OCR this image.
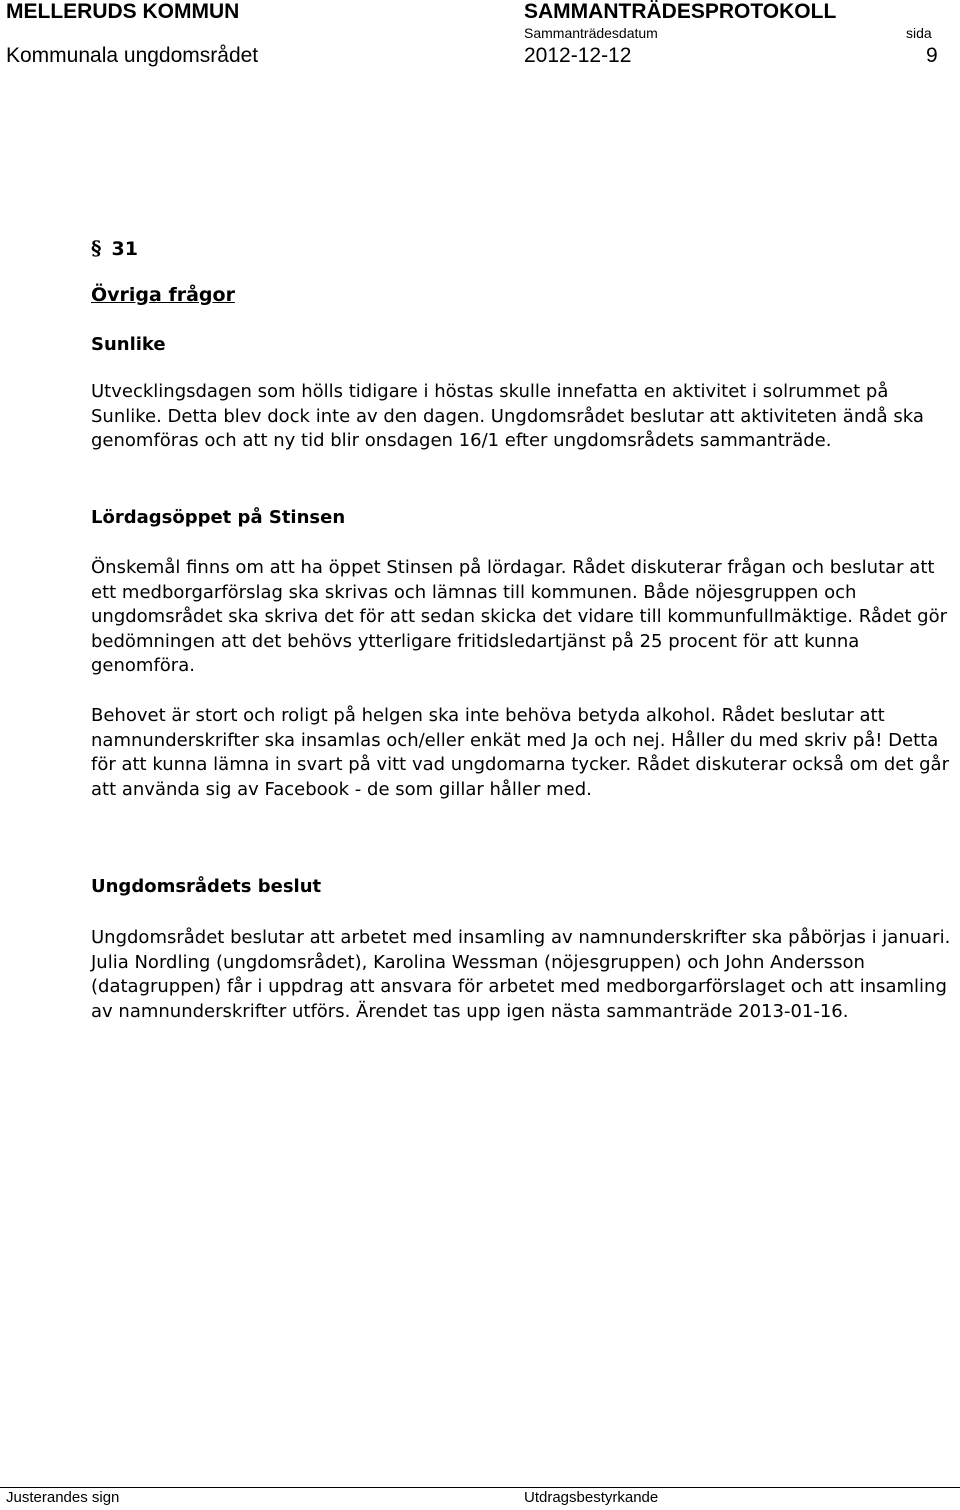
MELLERUDS KOMMUN	SAMMANTRÄDESPROTOKOLL
Sammanträdesdatum	sida
Kommunala ungdomsrådet	2012-12-12	9
§ 31
Övriga frågor
Sunlike

Utvecklingsdagen som hölls tidigare i höstas skulle innefatta en aktivitet i solrummet på Sunlike. Detta blev dock inte av den dagen. Ungdomsrådet beslutar att aktiviteten ändå ska genomföras och att ny tid blir onsdagen 16/1 efter ungdomsrådets sammanträde.

Lördagsöppet på Stinsen

Önskemål finns om att ha öppet Stinsen på lördagar. Rådet diskuterar frågan och beslutar att ett medborgarförslag ska skrivas och lämnas till kommunen. Både nöjesgruppen och ungdomsrådet ska skriva det för att sedan skicka det vidare till kommunfullmäktige. Rådet gör bedömningen att det behövs ytterligare fritidsledartjänst på 25 procent för att kunna genomföra.

Behovet är stort och roligt på helgen ska inte behöva betyda alkohol. Rådet beslutar att namnunderskrifter ska insamlas och/eller enkät med Ja och nej. Håller du med skriv på! Detta för att kunna lämna in svart på vitt vad ungdomarna tycker. Rådet diskuterar också om det går att använda sig av Facebook - de som gillar håller med.

Ungdomsrådets beslut

Ungdomsrådet beslutar att arbetet med insamling av namnunderskrifter ska påbörjas i januari. Julia Nordling (ungdomsrådet), Karolina Wessman (nöjesgruppen) och John Andersson (datagruppen) får i uppdrag att ansvara för arbetet med medborgarförslaget och att insamling av namnunderskrifter utförs. Ärendet tas upp igen nästa sammanträde 2013-01-16.

Justerandes sign	Utdragsbestyrkande
